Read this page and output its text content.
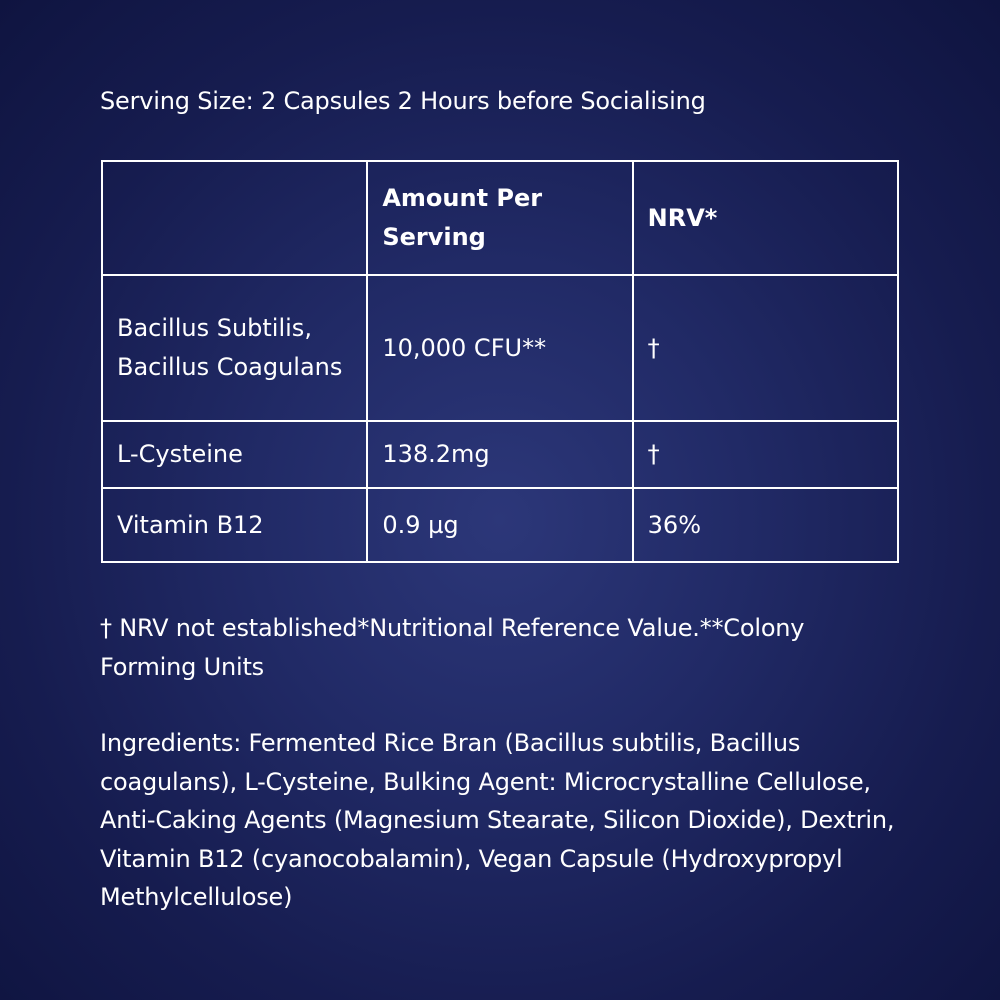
Serving Size: 2 Capsules 2 Hours before Socialising
	Amount Per Serving	NRV*
Bacillus Subtilis, Bacillus Coagulans	10,000 CFU**	†
L-Cysteine	138.2mg	†
Vitamin B12	0.9 µg	36%
† NRV not established*Nutritional Reference Value.**Colony Forming Units
Ingredients: Fermented Rice Bran (Bacillus subtilis, Bacillus coagulans), L-Cysteine, Bulking Agent: Microcrystalline Cellulose, Anti-Caking Agents (Magnesium Stearate, Silicon Dioxide), Dextrin, Vitamin B12 (cyanocobalamin), Vegan Capsule (Hydroxypropyl Methylcellulose)
